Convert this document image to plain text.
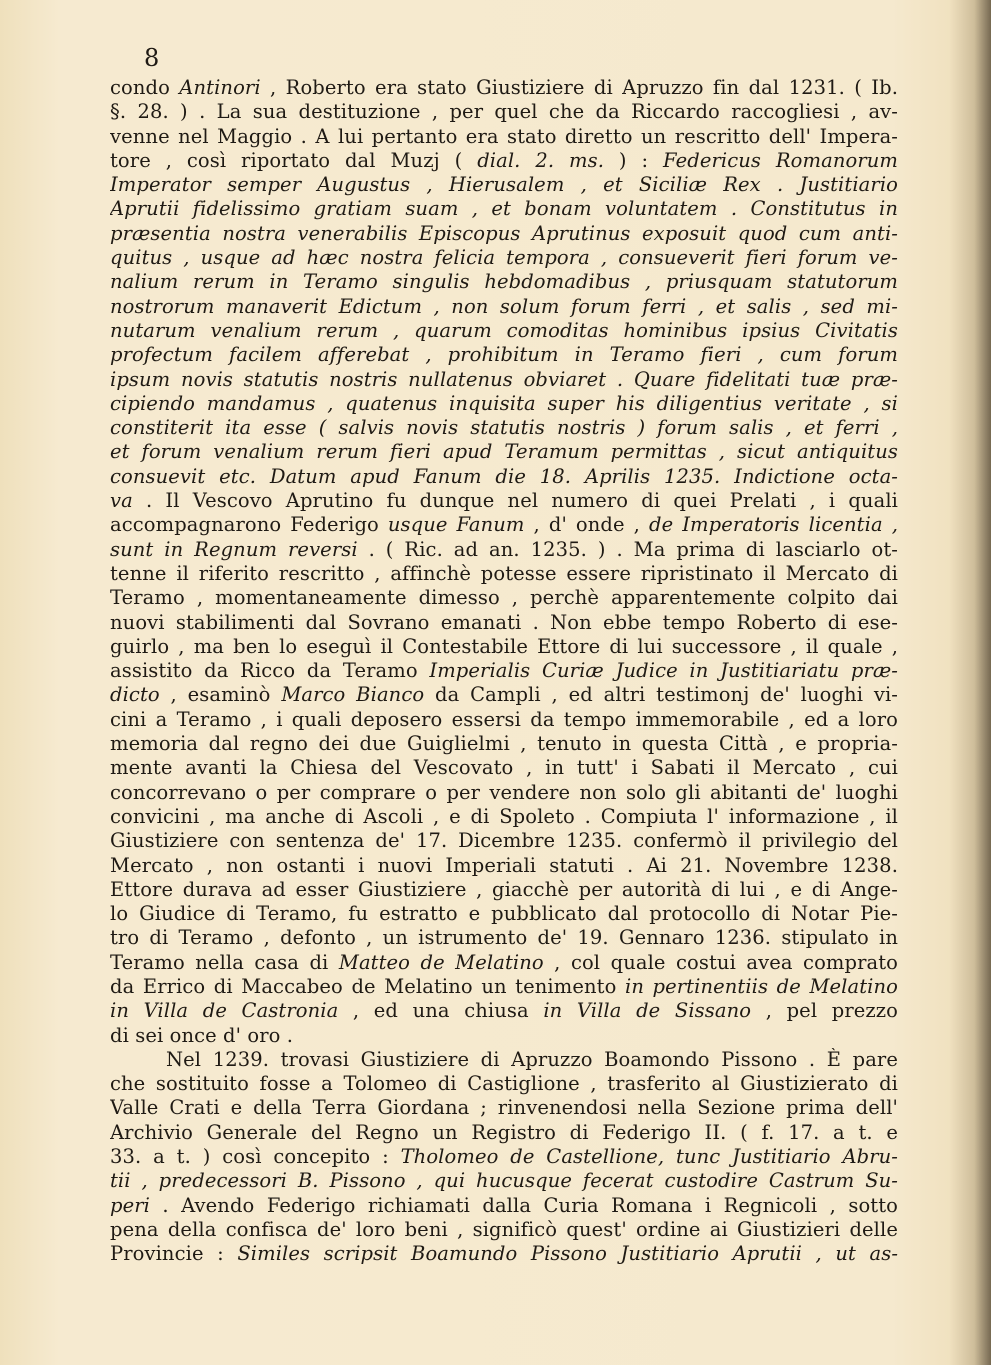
8
condo Antinori , Roberto era stato Giustiziere di Apruzzo fin dal 1231. ( Ib.
§. 28. ) . La sua destituzione , per quel che da Riccardo raccogliesi , av-
venne nel Maggio . A lui pertanto era stato diretto un rescritto dell' Impera-
tore , così riportato dal Muzj ( dial. 2. ms. ) : Federicus Romanorum
Imperator semper Augustus , Hierusalem , et Siciliæ Rex . Justitiario
Aprutii fidelissimo gratiam suam , et bonam voluntatem . Constitutus in
præsentia nostra venerabilis Episcopus Aprutinus exposuit quod cum anti-
quitus , usque ad hæc nostra felicia tempora , consueverit fieri forum ve-
nalium rerum in Teramo singulis hebdomadibus , priusquam statutorum
nostrorum manaverit Edictum , non solum forum ferri , et salis , sed mi-
nutarum venalium rerum , quarum comoditas hominibus ipsius Civitatis
profectum facilem afferebat , prohibitum in Teramo fieri , cum forum
ipsum novis statutis nostris nullatenus obviaret . Quare fidelitati tuæ præ-
cipiendo mandamus , quatenus inquisita super his diligentius veritate , si
constiterit ita esse ( salvis novis statutis nostris ) forum salis , et ferri ,
et forum venalium rerum fieri apud Teramum permittas , sicut antiquitus
consuevit etc. Datum apud Fanum die 18. Aprilis 1235. Indictione octa-
va . Il Vescovo Aprutino fu dunque nel numero di quei Prelati , i quali
accompagnarono Federigo usque Fanum , d' onde , de Imperatoris licentia ,
sunt in Regnum reversi . ( Ric. ad an. 1235. ) . Ma prima di lasciarlo ot-
tenne il riferito rescritto , affinchè potesse essere ripristinato il Mercato di
Teramo , momentaneamente dimesso , perchè apparentemente colpito dai
nuovi stabilimenti dal Sovrano emanati . Non ebbe tempo Roberto di ese-
guirlo , ma ben lo eseguì il Contestabile Ettore di lui successore , il quale ,
assistito da Ricco da Teramo Imperialis Curiæ Judice in Justitiariatu præ-
dicto , esaminò Marco Bianco da Campli , ed altri testimonj de' luoghi vi-
cini a Teramo , i quali deposero essersi da tempo immemorabile , ed a loro
memoria dal regno dei due Guiglielmi , tenuto in questa Città , e propria-
mente avanti la Chiesa del Vescovato , in tutt' i Sabati il Mercato , cui
concorrevano o per comprare o per vendere non solo gli abitanti de' luoghi
convicini , ma anche di Ascoli , e di Spoleto . Compiuta l' informazione , il
Giustiziere con sentenza de' 17. Dicembre 1235. confermò il privilegio del
Mercato , non ostanti i nuovi Imperiali statuti . Ai 21. Novembre 1238.
Ettore durava ad esser Giustiziere , giacchè per autorità di lui , e di Ange-
lo Giudice di Teramo, fu estratto e pubblicato dal protocollo di Notar Pie-
tro di Teramo , defonto , un istrumento de' 19. Gennaro 1236. stipulato in
Teramo nella casa di Matteo de Melatino , col quale costui avea comprato
da Errico di Maccabeo de Melatino un tenimento in pertinentiis de Melatino
in Villa de Castronia , ed una chiusa in Villa de Sissano , pel prezzo
di sei once d' oro .
Nel 1239. trovasi Giustiziere di Apruzzo Boamondo Pissono . È pare
che sostituito fosse a Tolomeo di Castiglione , trasferito al Giustizierato di
Valle Crati e della Terra Giordana ; rinvenendosi nella Sezione prima dell'
Archivio Generale del Regno un Registro di Federigo II. ( f. 17. a t. e
33. a t. ) così concepito : Tholomeo de Castellione, tunc Justitiario Abru-
tii , predecessori B. Pissono , qui hucusque fecerat custodire Castrum Su-
peri . Avendo Federigo richiamati dalla Curia Romana i Regnicoli , sotto
pena della confisca de' loro beni , significò quest' ordine ai Giustizieri delle
Provincie : Similes scripsit Boamundo Pissono Justitiario Aprutii , ut as-
